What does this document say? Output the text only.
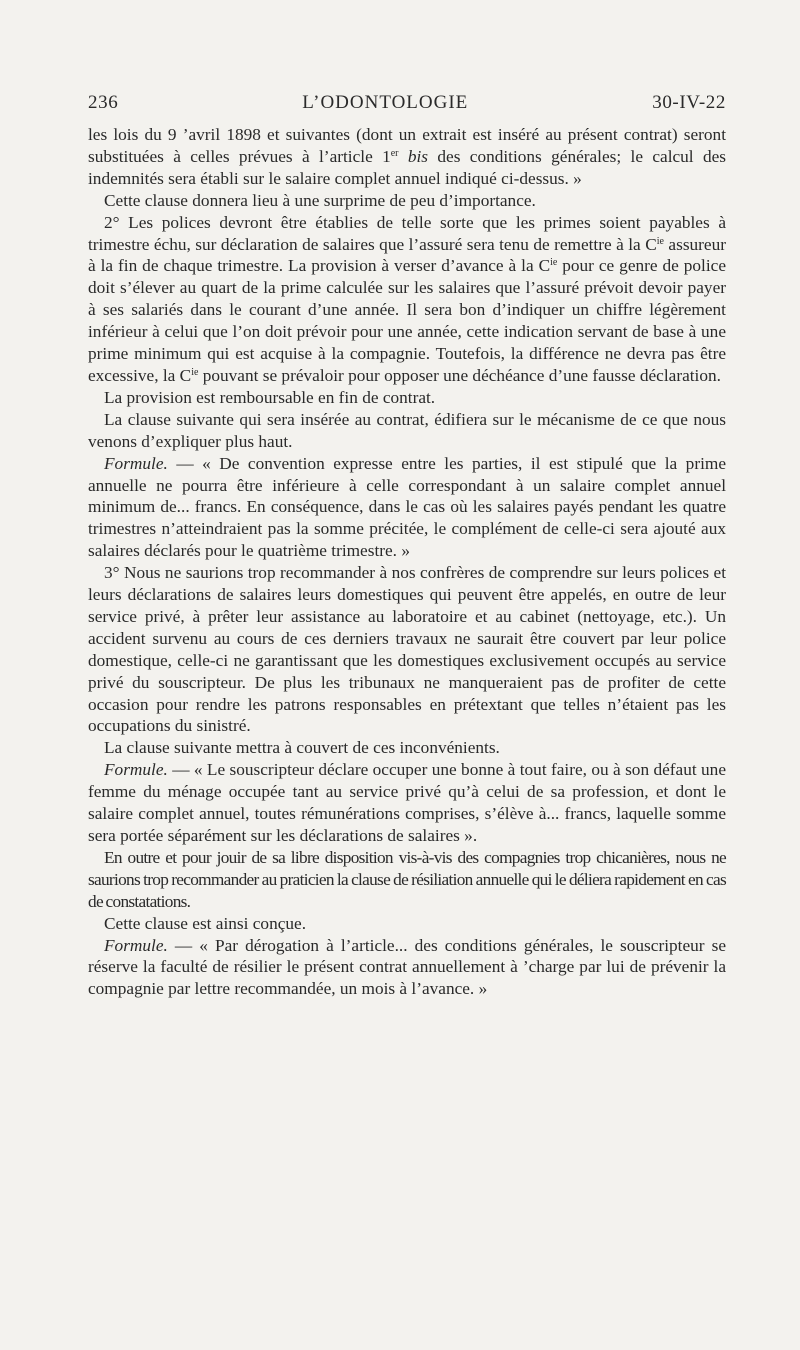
236	L’ODONTOLOGIE	30-IV-22

les lois du 9 ’avril 1898 et suivantes (dont un extrait est inséré au présent contrat) seront substituées à celles prévues à l’article 1er bis des conditions générales; le calcul des indemnités sera établi sur le salaire complet annuel indiqué ci-dessus. »

Cette clause donnera lieu à une surprime de peu d’importance.

2° Les polices devront être établies de telle sorte que les primes soient payables à trimestre échu, sur déclaration de salaires que l’assuré sera tenu de remettre à la $C^{ie}$ assureur à la fin de chaque trimestre. La provision à verser d’avance à la $C^{ie}$ pour ce genre de police doit s’élever au quart de la prime calculée sur les salaires que l’assuré prévoit devoir payer à ses salariés dans le courant d’une année. Il sera bon d’indiquer un chiffre légèrement inférieur à celui que l’on doit prévoir pour une année, cette indication servant de base à une prime minimum qui est acquise à la compagnie. Toutefois, la différence ne devra pas être excessive, la $C^{ie}$ pouvant se prévaloir pour opposer une déchéance d’une fausse déclaration.

La provision est remboursable en fin de contrat.

La clause suivante qui sera insérée au contrat, édifiera sur le mécanisme de ce que nous venons d’expliquer plus haut.

Formule. — « De convention expresse entre les parties, il est stipulé que la prime annuelle ne pourra être inférieure à celle correspondant à un salaire complet annuel minimum de... francs. En conséquence, dans le cas où les salaires payés pendant les quatre trimestres n’atteindraient pas la somme précitée, le complément de celle-ci sera ajouté aux salaires déclarés pour le quatrième trimestre. »

3° Nous ne saurions trop recommander à nos confrères de comprendre sur leurs polices et leurs déclarations de salaires leurs domestiques qui peuvent être appelés, en outre de leur service privé, à prêter leur assistance au laboratoire et au cabinet (nettoyage, etc.). Un accident survenu au cours de ces derniers travaux ne saurait être couvert par leur police domestique, celle-ci ne garantissant que les domestiques exclusivement occupés au service privé du souscripteur. De plus les tribunaux ne manqueraient pas de profiter de cette occasion pour rendre les patrons responsables en prétextant que telles n’étaient pas les occupations du sinistré.

La clause suivante mettra à couvert de ces inconvénients.

Formule. — « Le souscripteur déclare occuper une bonne à tout faire, ou à son défaut une femme du ménage occupée tant au service privé qu’à celui de sa profession, et dont le salaire complet annuel, toutes rémunérations comprises, s’élève à... francs, laquelle somme sera portée séparément sur les déclarations de salaires ».

En outre et pour jouir de sa libre disposition vis-à-vis des compagnies trop chicanières, nous ne saurions trop recommander au praticien la clause de résiliation annuelle qui le déliera rapidement en cas de constatations.

Cette clause est ainsi conçue.

Formule. — « Par dérogation à l’article... des conditions générales, le souscripteur se réserve la faculté de résilier le présent contrat annuellement à ’charge par lui de prévenir la compagnie par lettre recommandée, un mois à l’avance. »
